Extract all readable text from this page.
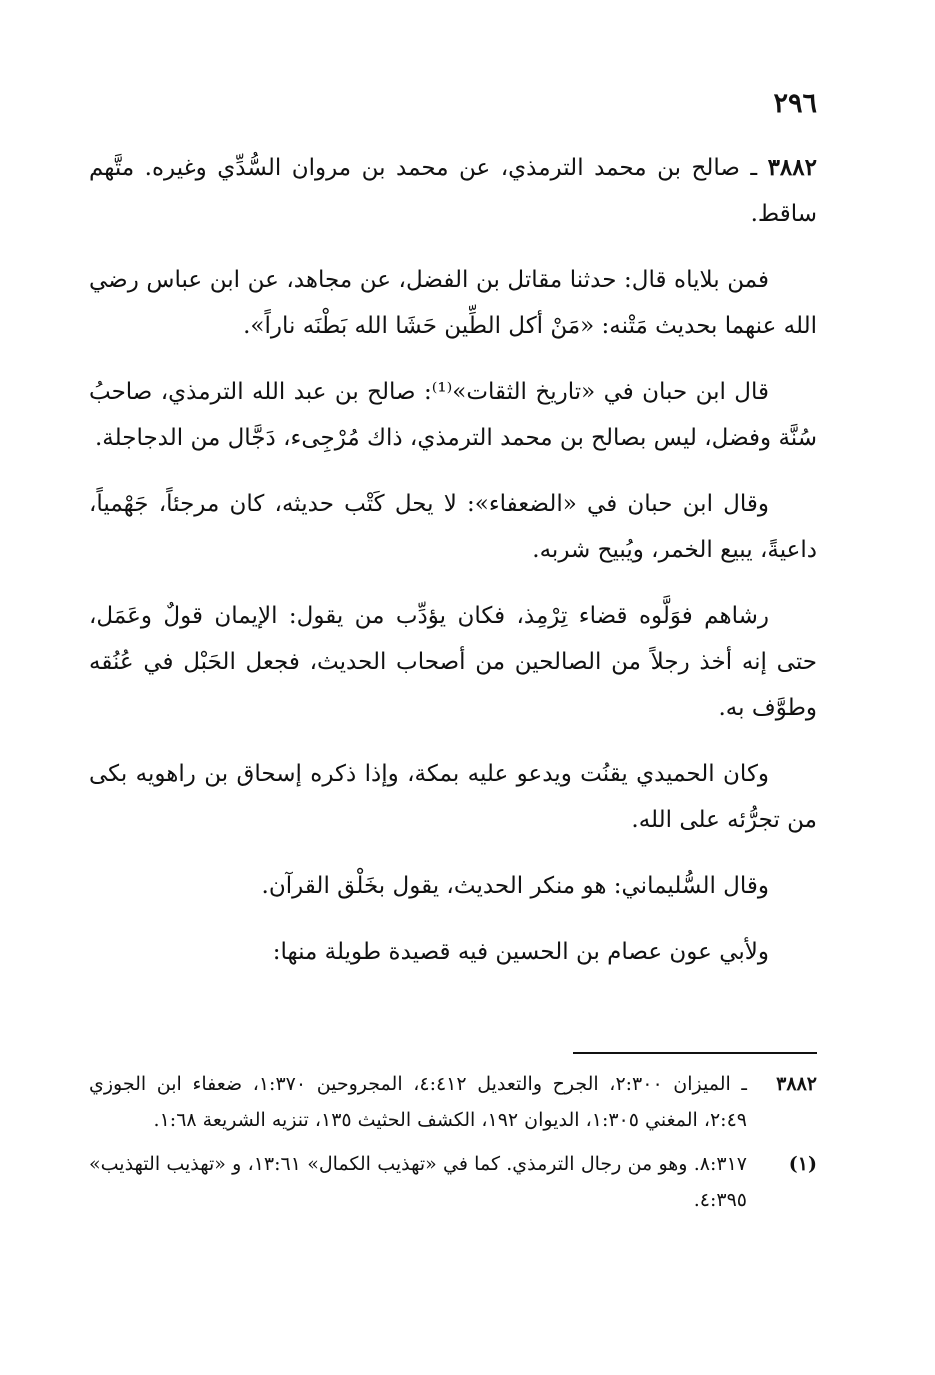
٢٩٦

٣٨٨٢ ـ صالح بن محمد الترمذي، عن محمد بن مروان السُّدِّي وغيره. متَّهم ساقط.

فمن بلاياه قال: حدثنا مقاتل بن الفضل، عن مجاهد، عن ابن عباس رضي الله عنهما بحديث مَتْنه: «مَنْ أكل الطِّين حَشَا الله بَطْنَه ناراً».

قال ابن حبان في «تاريخ الثقات»⁽¹⁾: صالح بن عبد الله الترمذي، صاحبُ سُنَّة وفضل، ليس بصالح بن محمد الترمذي، ذاك مُرْجِىء، دَجَّال من الدجاجلة.

وقال ابن حبان في «الضعفاء»: لا يحل كَتْب حديثه، كان مرجئاً، جَهْمياً، داعيةً، يبيع الخمر، ويُبيح شربه.

رشاهم فوَلَّوه قضاء تِرْمِذ، فكان يؤدِّب من يقول: الإيمان قولٌ وعَمَل، حتى إنه أخذ رجلاً من الصالحين من أصحاب الحديث، فجعل الحَبْل في عُنُقه وطوَّف به.

وكان الحميدي يقنُت ويدعو عليه بمكة، وإذا ذكره إسحاق بن راهويه بكى من تجرُّئه على الله.

وقال السُّليماني: هو منكر الحديث، يقول بخَلْق القرآن.

ولأبي عون عصام بن الحسين فيه قصيدة طويلة منها:

٣٨٨٢
ـ الميزان ٢:٣٠٠، الجرح والتعديل ٤:٤١٢، المجروحين ١:٣٧٠، ضعفاء ابن الجوزي ٢:٤٩، المغني ١:٣٠٥، الديوان ١٩٢، الكشف الحثيث ١٣٥، تنزيه الشريعة ١:٦٨.

(١)
٨:٣١٧. وهو من رجال الترمذي. كما في «تهذيب الكمال» ١٣:٦١، و «تهذيب التهذيب» ٤:٣٩٥.
